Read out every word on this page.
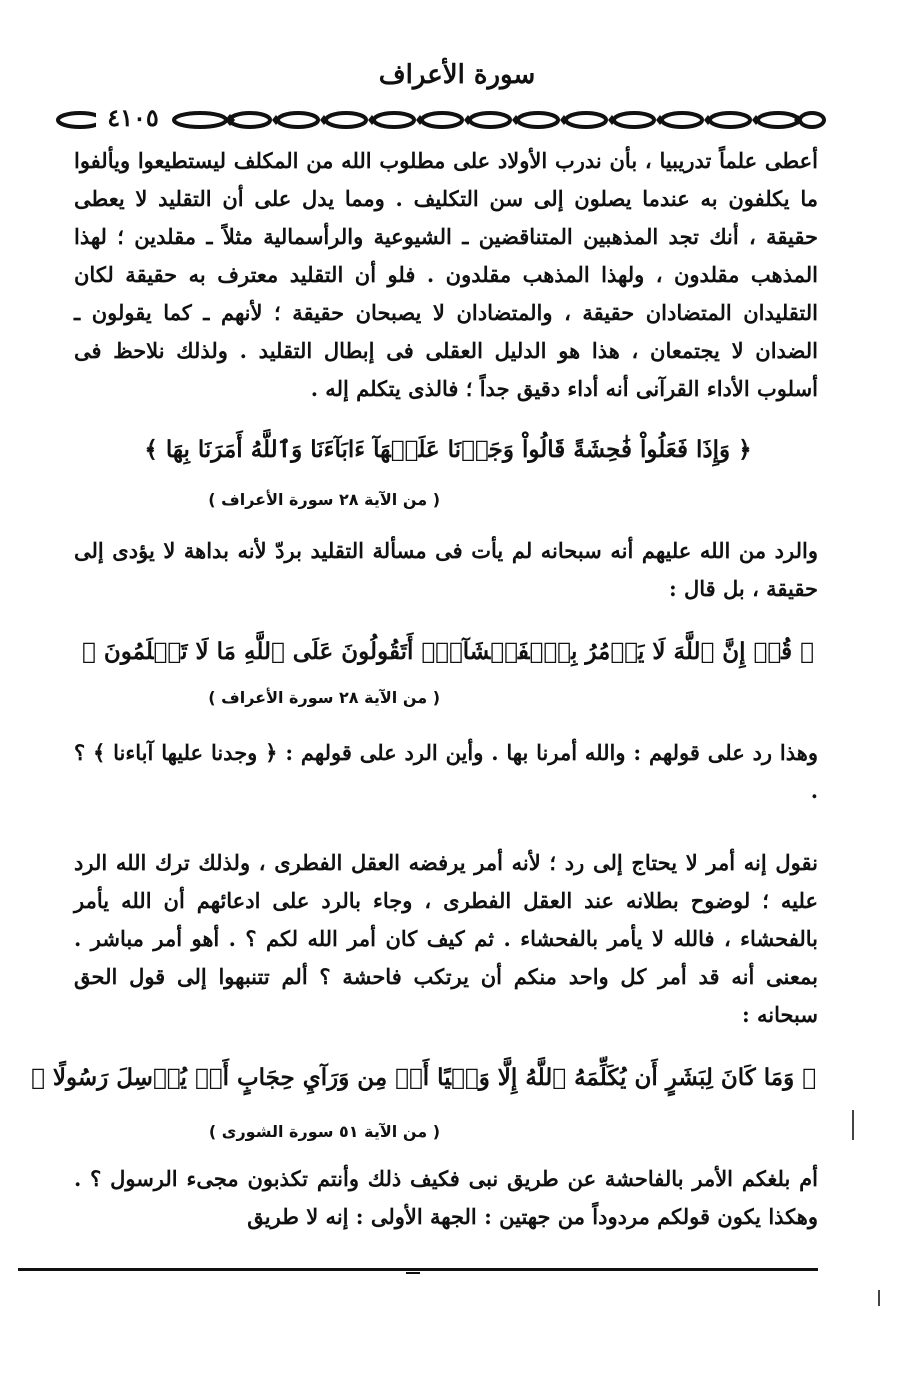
سورة الأعراف
٤١٠٥
أعطى علماً تدريبيا ، بأن ندرب الأولاد على مطلوب الله من المكلف ليستطيعوا ويألفوا ما يكلفون به عندما يصلون إلى سن التكليف . ومما يدل على أن التقليد لا يعطى حقيقة ، أنك تجد المذهبين المتناقضين ـ الشيوعية والرأسمالية مثلاً ـ مقلدين ؛ لهذا المذهب مقلدون ، ولهذا المذهب مقلدون . فلو أن التقليد معترف به حقيقة لكان التقليدان المتضادان حقيقة ، والمتضادان لا يصبحان حقيقة ؛ لأنهم ـ كما يقولون ـ الضدان لا يجتمعان ، هذا هو الدليل العقلى فى إبطال التقليد . ولذلك نلاحظ فى أسلوب الأداء القرآنى أنه أداء دقيق جداً ؛ فالذى يتكلم إله .
﴿ وَإِذَا فَعَلُواْ فَٰحِشَةً قَالُواْ وَجَدۡنَا عَلَيۡهَآ ءَابَآءَنَا وَٱللَّهُ أَمَرَنَا بِهَا ﴾
( من الآية ٢٨ سورة الأعراف )
والرد من الله عليهم أنه سبحانه لم يأت فى مسألة التقليد بردّ لأنه بداهة لا يؤدى إلى حقيقة ، بل قال :
﴿ قُلۡ إِنَّ ٱللَّهَ لَا يَأۡمُرُ بِٱلۡفَحۡشَآءِۖ أَتَقُولُونَ عَلَى ٱللَّهِ مَا لَا تَعۡلَمُونَ ﴾
( من الآية ٢٨ سورة الأعراف )
وهذا رد على قولهم : والله أمرنا بها . وأين الرد على قولهم : ﴿ وجدنا عليها آباءنا ﴾ ؟ .
نقول إنه أمر لا يحتاج إلى رد ؛ لأنه أمر يرفضه العقل الفطرى ، ولذلك ترك الله الرد عليه ؛ لوضوح بطلانه عند العقل الفطرى ، وجاء بالرد على ادعائهم أن الله يأمر بالفحشاء ، فالله لا يأمر بالفحشاء . ثم كيف كان أمر الله لكم ؟ . أهو أمر مباشر . بمعنى أنه قد أمر كل واحد منكم أن يرتكب فاحشة ؟ ألم تتنبهوا إلى قول الحق سبحانه :
﴿ وَمَا كَانَ لِبَشَرٍ أَن يُكَلِّمَهُ ٱللَّهُ إِلَّا وَحۡيًا أَوۡ مِن وَرَآيِ حِجَابٍ أَوۡ يُرۡسِلَ رَسُولًا ﴾
( من الآية ٥١ سورة الشورى )
أم بلغكم الأمر بالفاحشة عن طريق نبى فكيف ذلك وأنتم تكذبون مجىء الرسول ؟ . وهكذا يكون قولكم مردوداً من جهتين : الجهة الأولى : إنه لا طريق
